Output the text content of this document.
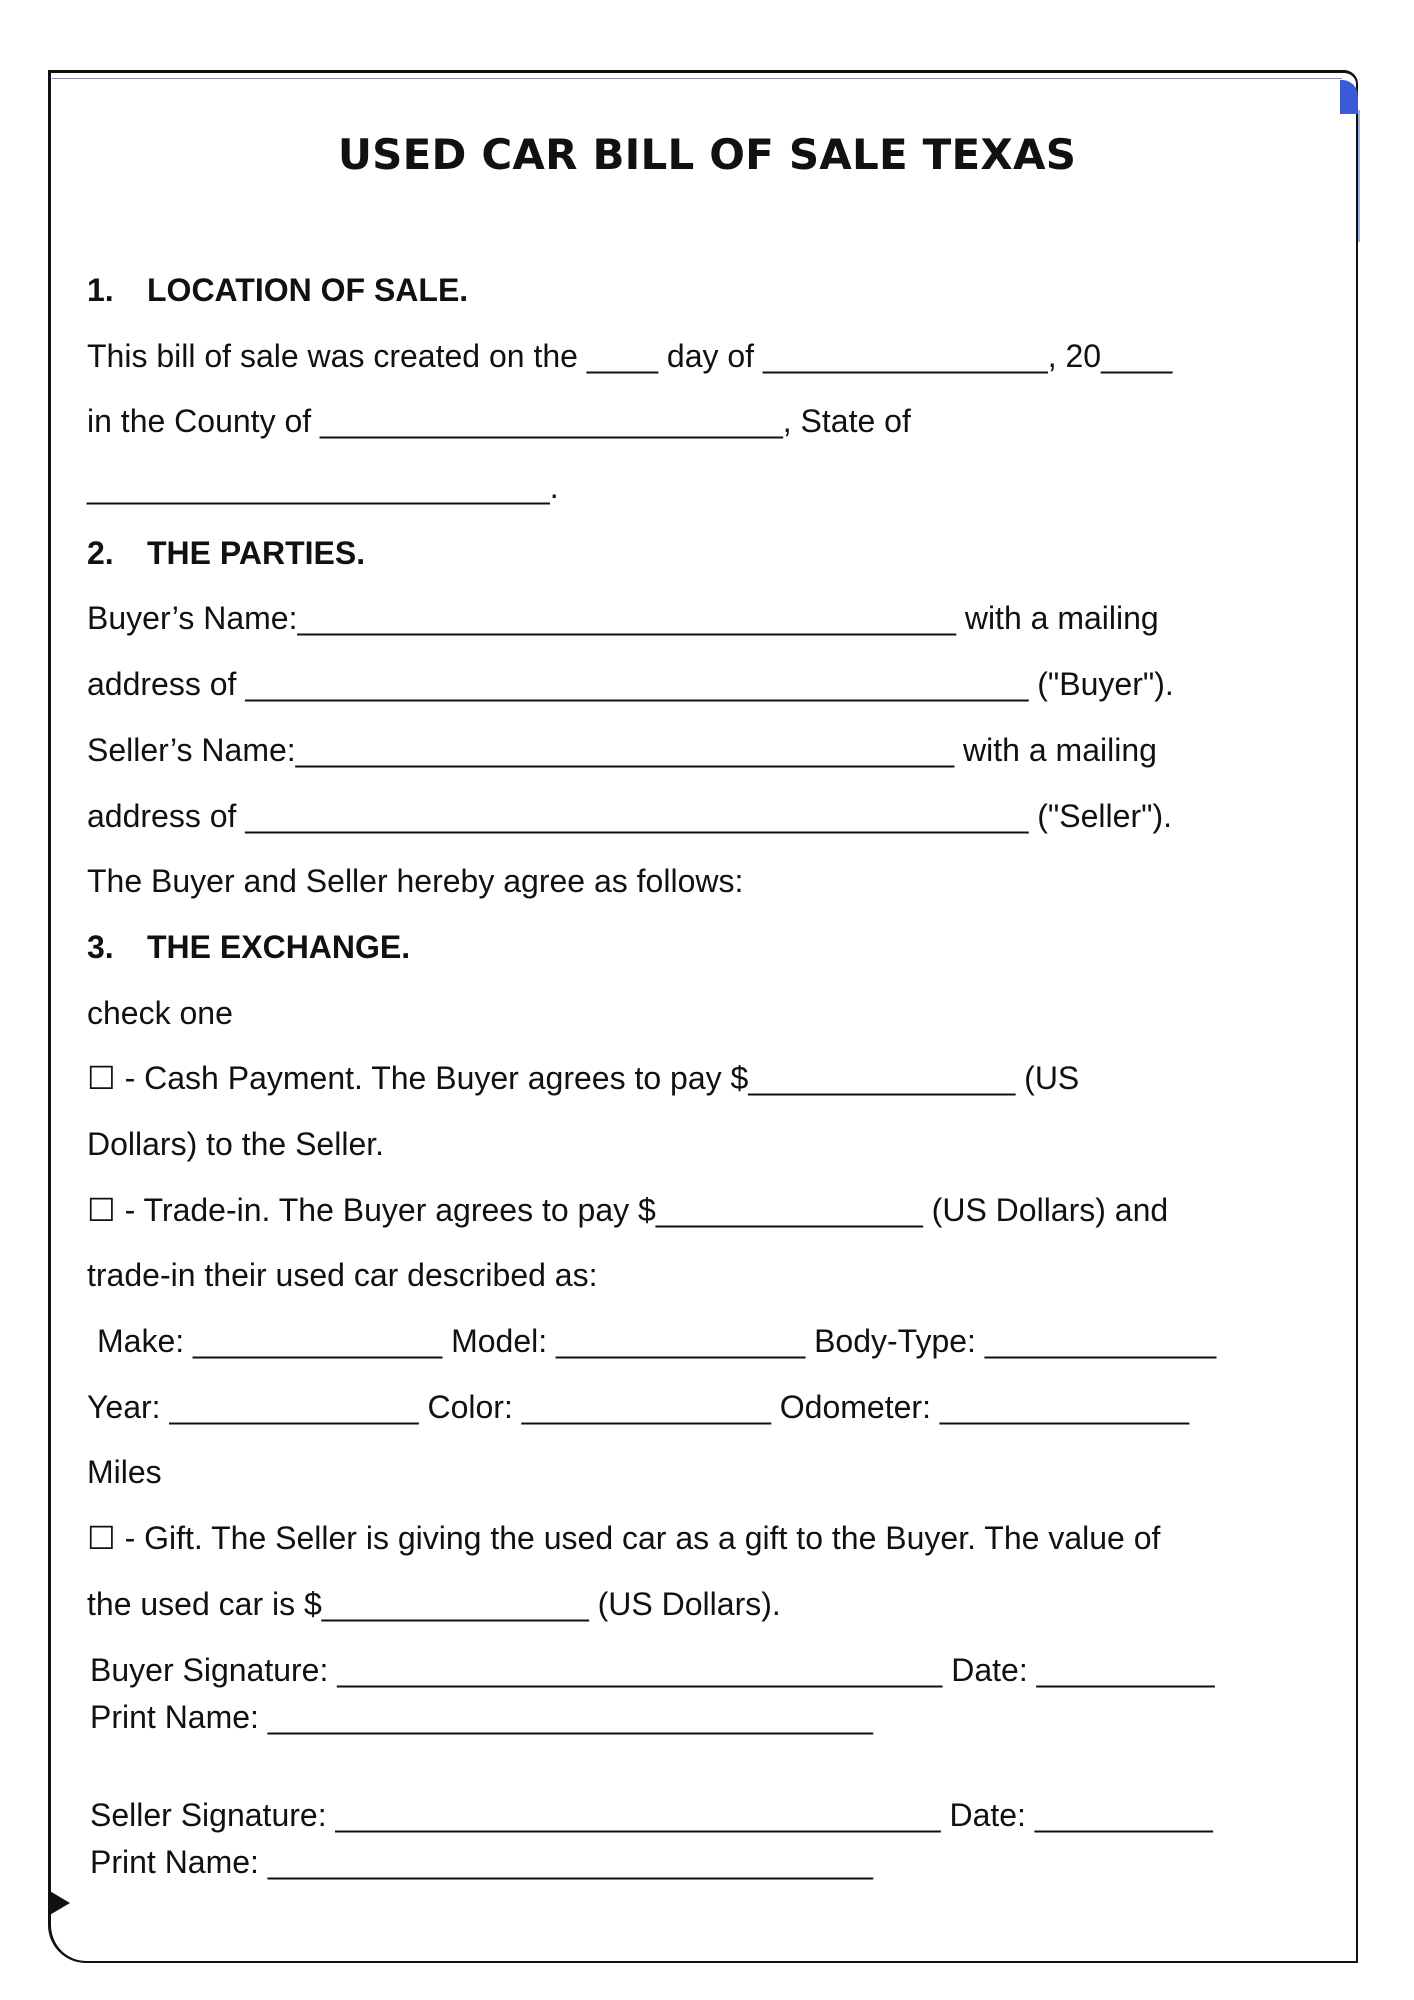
USED CAR BILL OF SALE TEXAS
1. LOCATION OF SALE.
This bill of sale was created on the ____ day of ________________, 20____
in the County of __________________________, State of
__________________________.
2. THE PARTIES.
Buyer’s Name:_____________________________________ with a mailing
address of ____________________________________________ ("Buyer").
Seller’s Name:_____________________________________ with a mailing
address of ____________________________________________ ("Seller").
The Buyer and Seller hereby agree as follows:
3. THE EXCHANGE.
check one
☐ - Cash Payment. The Buyer agrees to pay $_______________ (US
Dollars) to the Seller.
☐ - Trade-in. The Buyer agrees to pay $_______________ (US Dollars) and
trade-in their used car described as:
Make: ______________ Model: ______________ Body-Type: _____________
Year: ______________ Color: ______________ Odometer: ______________
Miles
☐ - Gift. The Seller is giving the used car as a gift to the Buyer. The value of
the used car is $_______________ (US Dollars).
Buyer Signature: __________________________________ Date: __________
Print Name: __________________________________
Seller Signature: __________________________________ Date: __________
Print Name: __________________________________
